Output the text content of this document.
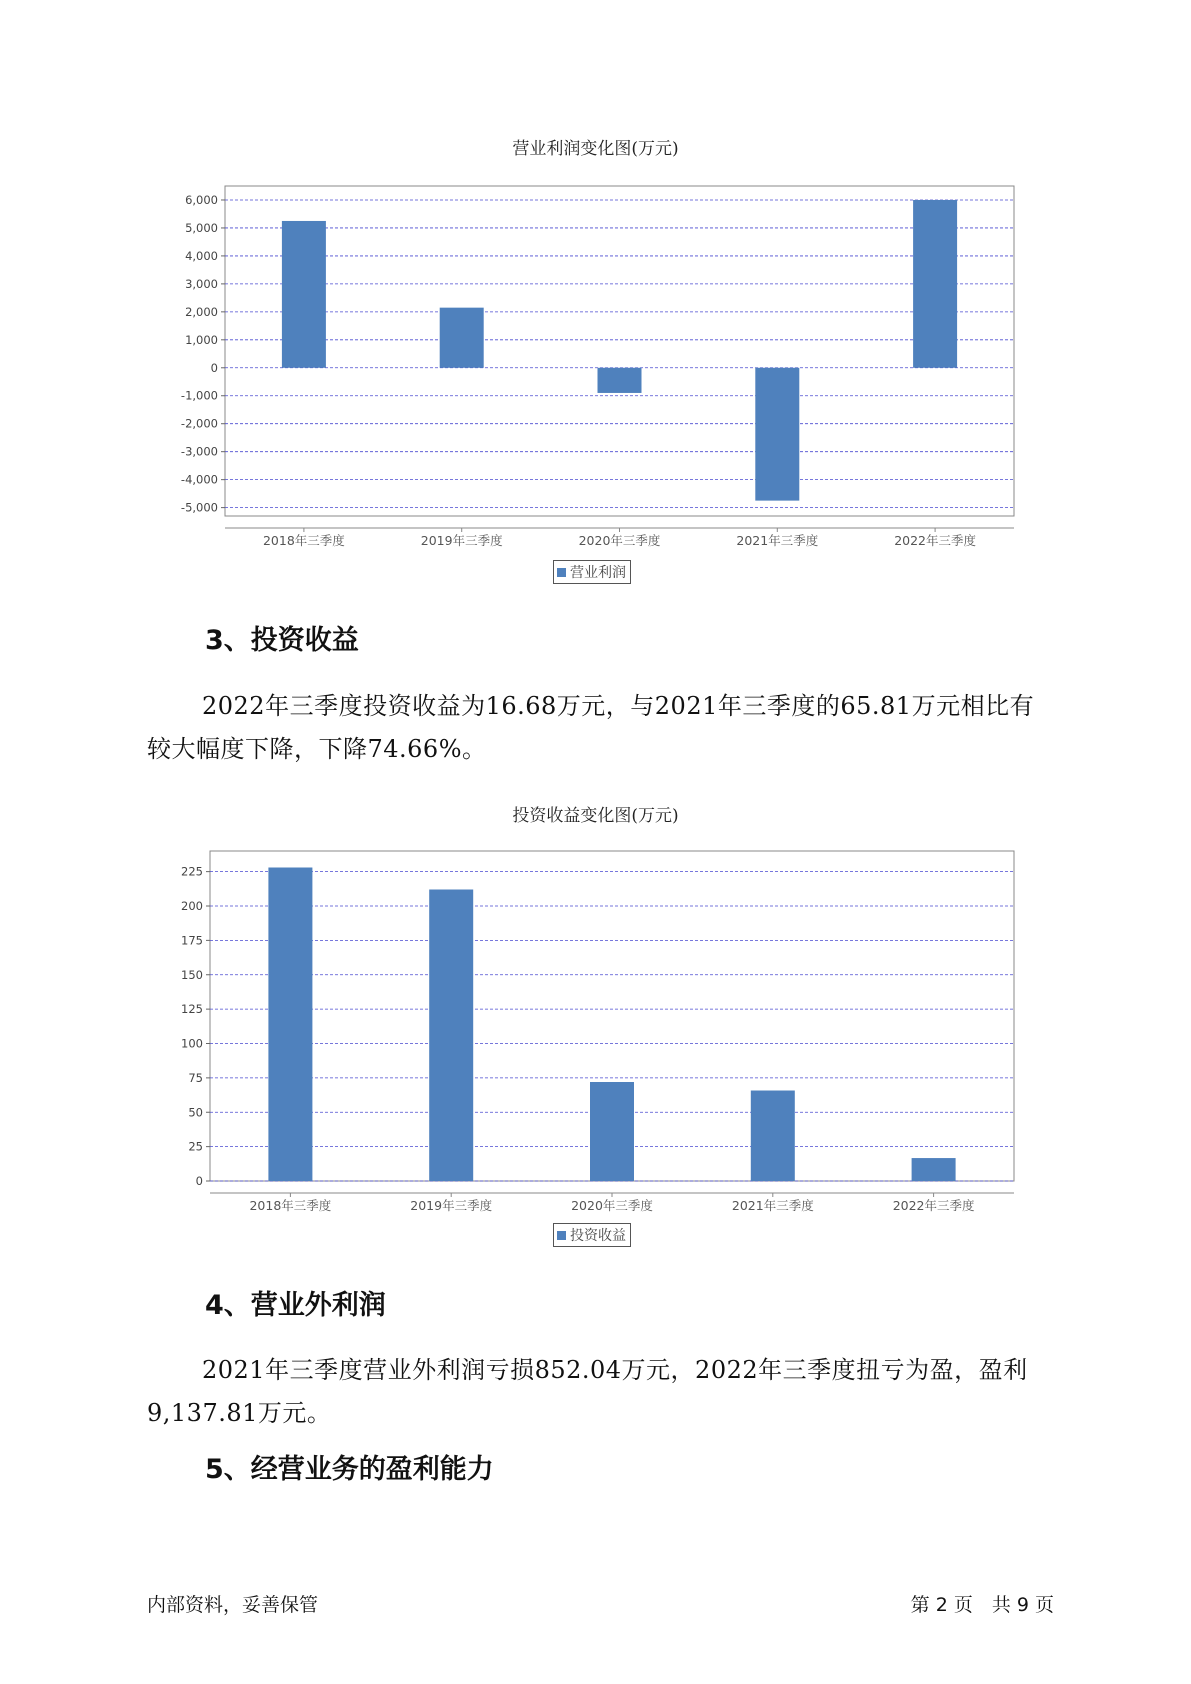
营业利润变化图(万元)
6,000
5,000
4,000
3,000
2,000
1,000
0
-1,000
-2,000
-3,000
-4,000
-5,000
2018年三季度	2019年三季度	2020年三季度	2021年三季度	2022年三季度
营业利润
3、投资收益

2022年三季度投资收益为16.68万元，与2021年三季度的65.81万元相比有较大幅度下降，下降74.66%。

投资收益变化图(万元)
225
200
175
150
125
100
75
50
25
0
2018年三季度	2019年三季度	2020年三季度	2021年三季度	2022年三季度
投资收益
4、营业外利润

2021年三季度营业外利润亏损852.04万元，2022年三季度扭亏为盈，盈利9,137.81万元。

5、经营业务的盈利能力
内部资料，妥善保管	第 2 页　共 9 页
